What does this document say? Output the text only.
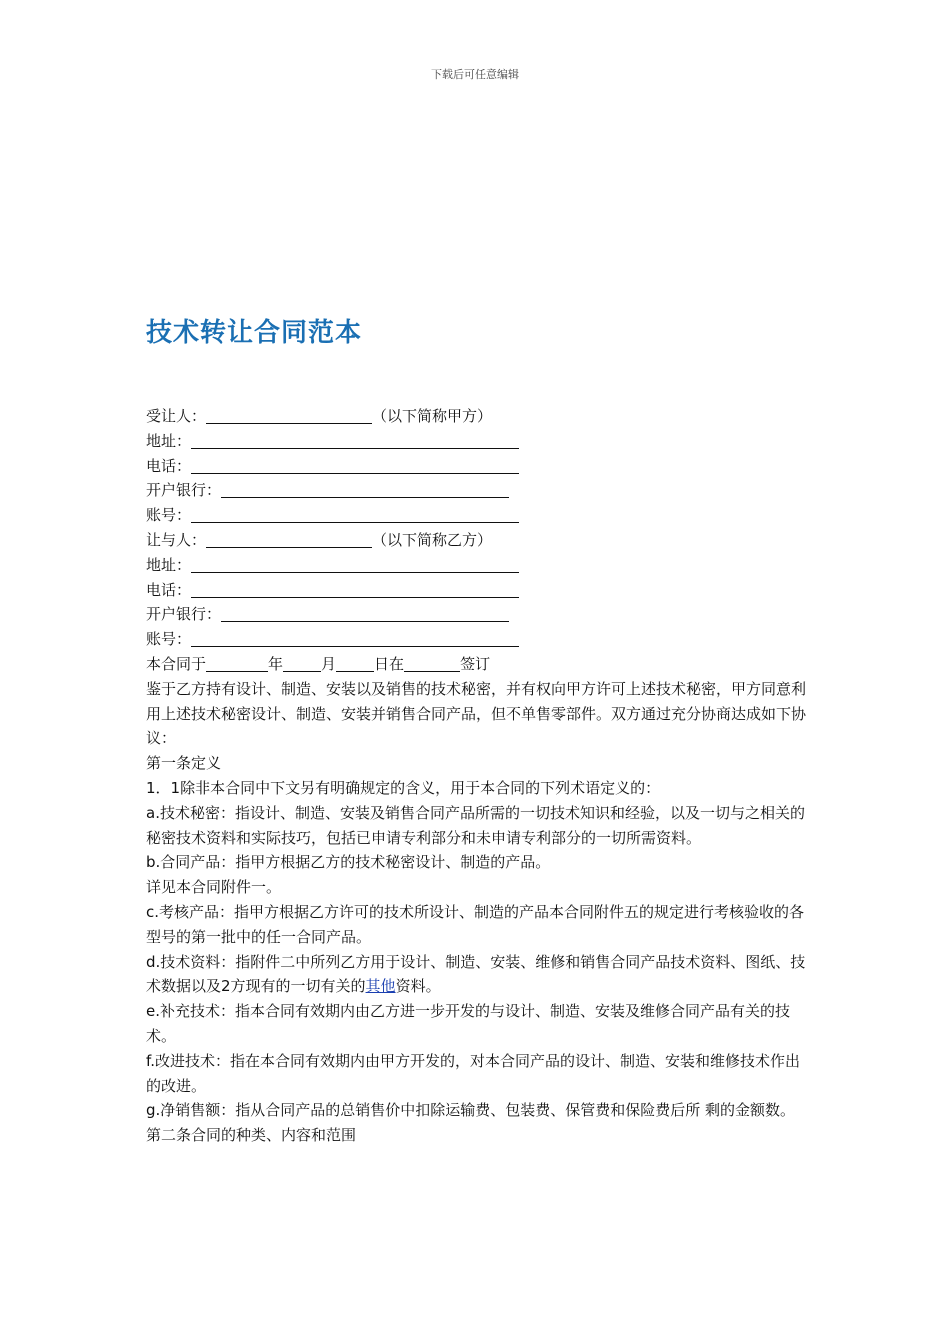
下载后可任意编辑
技术转让合同范本
受让人：	（以下简称甲方）
地址：
电话：
开户银行：
账号：
让与人：	（以下简称乙方）
地址：
电话：
开户银行：
账号：
本合同于	年	月	日在	签订
鉴于乙方持有设计、制造、安装以及销售的技术秘密，并有权向甲方许可上述技术秘密，甲方同意利用上述技术秘密设计、制造、安装并销售合同产品，但不单售零部件。双方通过充分协商达成如下协议：
第一条定义
1．1除非本合同中下文另有明确规定的含义，用于本合同的下列术语定义的：
a.技术秘密：指设计、制造、安装及销售合同产品所需的一切技术知识和经验，以及一切与之相关的秘密技术资料和实际技巧，包括已申请专利部分和未申请专利部分的一切所需资料。
b.合同产品：指甲方根据乙方的技术秘密设计、制造的产品。
详见本合同附件一。
c.考核产品：指甲方根据乙方许可的技术所设计、制造的产品本合同附件五的规定进行考核验收的各型号的第一批中的任一合同产品。
d.技术资料：指附件二中所列乙方用于设计、制造、安装、维修和销售合同产品技术资料、图纸、技术数据以及2方现有的一切有关的其他资料。
e.补充技术：指本合同有效期内由乙方进一步开发的与设计、制造、安装及维修合同产品有关的技术。
f.改进技术：指在本合同有效期内由甲方开发的，对本合同产品的设计、制造、安装和维修技术作出的改进。
g.净销售额：指从合同产品的总销售价中扣除运输费、包装费、保管费和保险费后所 剩的金额数。
第二条合同的种类、内容和范围
